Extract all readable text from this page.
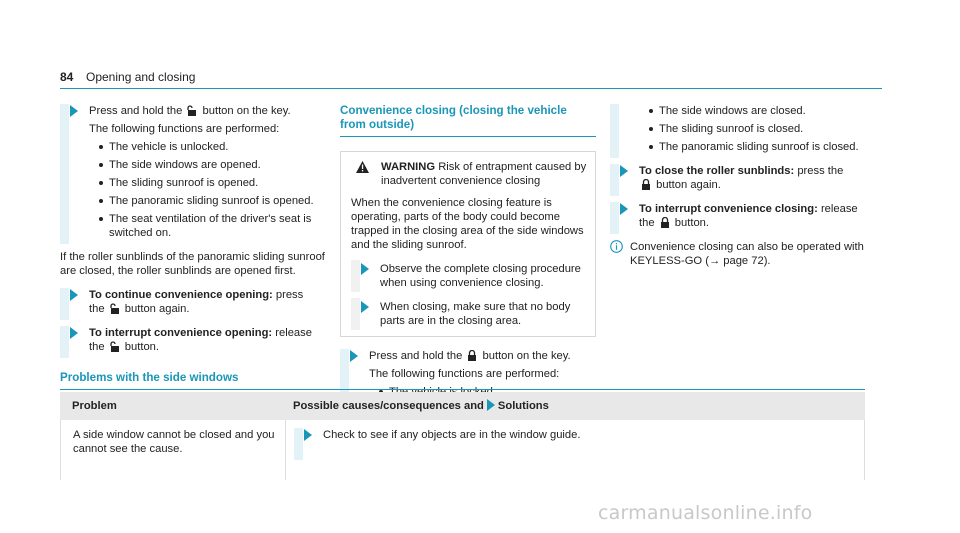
84 Opening and closing

Press and hold the button on the key.

The following functions are performed:

The vehicle is unlocked.
The side windows are opened.
The sliding sunroof is opened.
The panoramic sliding sunroof is opened.
The seat ventilation of the driver's seat is switched on.

If the roller sunblinds of the panoramic sliding sunroof are closed, the roller sunblinds are opened first.

To continue convenience opening: press
the button again.

To interrupt convenience opening: release
the button.

Convenience closing (closing the vehicle
from outside)
WARNING Risk of entrapment caused by inadvertent convenience closing
When the convenience closing feature is operating, parts of the body could become trapped in the closing area of the side windows and the sliding sunroof.
Observe the complete closing procedure when using convenience closing.
When closing, make sure that no body parts are in the closing area.

Press and hold the button on the key.

The following functions are performed:

The side windows are closed.
The sliding sunroof is closed.
The panoramic sliding sunroof is closed.

To close the roller sunblinds: press the

button again.

To interrupt convenience closing: release
the button.

Convenience closing can also be operated with KEYLESS-GO (→ page 72).
Problems with the side windows
Problem	Possible causes/consequences and Solutions
A side window cannot be closed and you cannot see the cause.
Check to see if any objects are in the window guide.
carmanualsonline.info
